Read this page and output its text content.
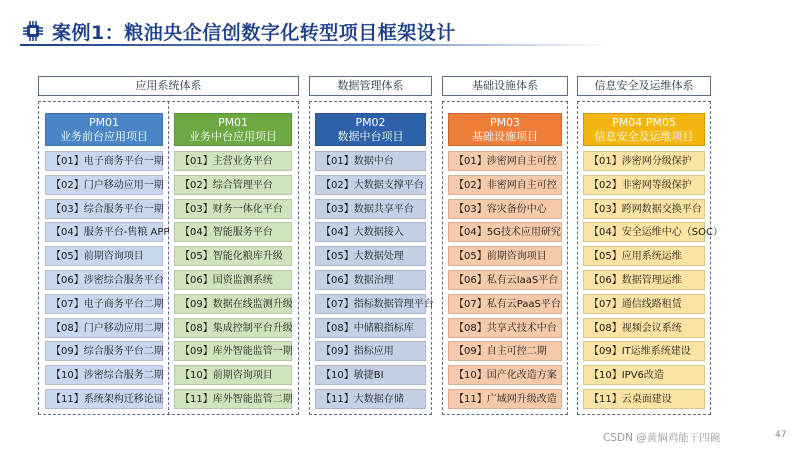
案例1：粮油央企信创数字化转型项目框架设计
应用系统体系	数据管理体系	基础设施体系	信息安全及运维体系
PM01
业务前台应用项目
PM01
业务中台应用项目
PM02
数据中台项目
PM03
基础设施项目
PM04 PM05
信息安全及运维项目
【01】电子商务平台一期
【02】门户移动应用一期
【03】综合服务平台一期
【04】服务平台-售粮 APP
【05】前期咨询项目
【06】涉密综合服务平台
【07】电子商务平台二期
【08】门户移动应用二期
【09】综合服务平台二期
【10】涉密综合服务二期
【11】系统架构迁移论证
【01】主营业务平台
【02】综合管理平台
【03】财务一体化平台
【04】智能服务平台
【05】智能化粮库升级
【06】国资监测系统
【09】数据在线监测升级
【08】集成控制平台升级
【09】库外智能监管一期
【10】前期咨询项目
【11】库外智能监管二期
【01】数据中台
【02】大数据支撑平台
【03】数据共享平台
【04】大数据接入
【05】大数据处理
【06】数据治理
【07】指标数据管理平台
【08】中储粮指标库
【09】指标应用
【10】敏捷BI
【11】大数据存储
【01】涉密网自主可控
【02】非密网自主可控
【03】容灾备份中心
【04】5G技术应用研究
【05】前期咨询项目
【06】私有云IaaS平台
【07】私有云PaaS平台
【08】共享式技术中台
【09】自主可控二期
【10】国产化改造方案
【11】广域网升级改造
【01】涉密网分级保护
【02】非密网等级保护
【03】跨网数据交换平台
【04】安全运维中心（SOC）
【05】应用系统运维
【06】数据管理运维
【07】通信线路租赁
【08】视频会议系统
【09】IT运维系统建设
【10】IPV6改造
【11】云桌面建设
CSDN @黄焖鸡能干四碗	47
